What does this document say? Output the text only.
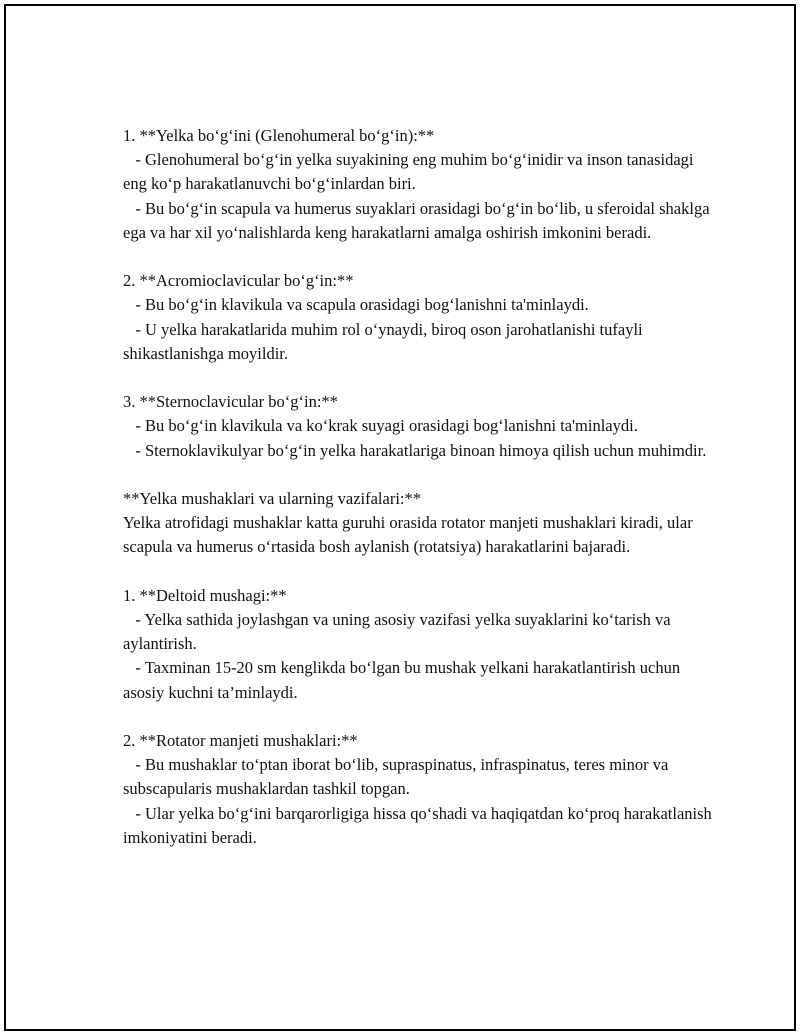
1. **Yelka bo‘g‘ini (Glenohumeral bo‘g‘in):**

- Glenohumeral bo‘g‘in yelka suyakining eng muhim bo‘g‘inidir va inson tanasidagi eng ko‘p harakatlanuvchi bo‘g‘inlardan biri.

- Bu bo‘g‘in scapula va humerus suyaklari orasidagi bo‘g‘in bo‘lib, u sferoidal shaklga ega va har xil yo‘nalishlarda keng harakatlarni amalga oshirish imkonini beradi.

2. **Acromioclavicular bo‘g‘in:**

- Bu bo‘g‘in klavikula va scapula orasidagi bog‘lanishni ta'minlaydi.

- U yelka harakatlarida muhim rol o‘ynaydi, biroq oson jarohatlanishi tufayli shikastlanishga moyildir.

3. **Sternoclavicular bo‘g‘in:**

- Bu bo‘g‘in klavikula va ko‘krak suyagi orasidagi bog‘lanishni ta'minlaydi.

- Sternoklavikulyar bo‘g‘in yelka harakatlariga binoan himoya qilish uchun muhimdir.

**Yelka mushaklari va ularning vazifalari:**

Yelka atrofidagi mushaklar katta guruhi orasida rotator manjeti mushaklari kiradi, ular scapula va humerus o‘rtasida bosh aylanish (rotatsiya) harakatlarini bajaradi.

1. **Deltoid mushagi:**

- Yelka sathida joylashgan va uning asosiy vazifasi yelka suyaklarini ko‘tarish va aylantirish.

- Taxminan 15-20 sm kenglikda bo‘lgan bu mushak yelkani harakatlantirish uchun asosiy kuchni ta’minlaydi.

2. **Rotator manjeti mushaklari:**

- Bu mushaklar to‘ptan iborat bo‘lib, supraspinatus, infraspinatus, teres minor va subscapularis mushaklardan tashkil topgan.

- Ular yelka bo‘g‘ini barqarorligiga hissa qo‘shadi va haqiqatdan ko‘proq harakatlanish imkoniyatini beradi.
